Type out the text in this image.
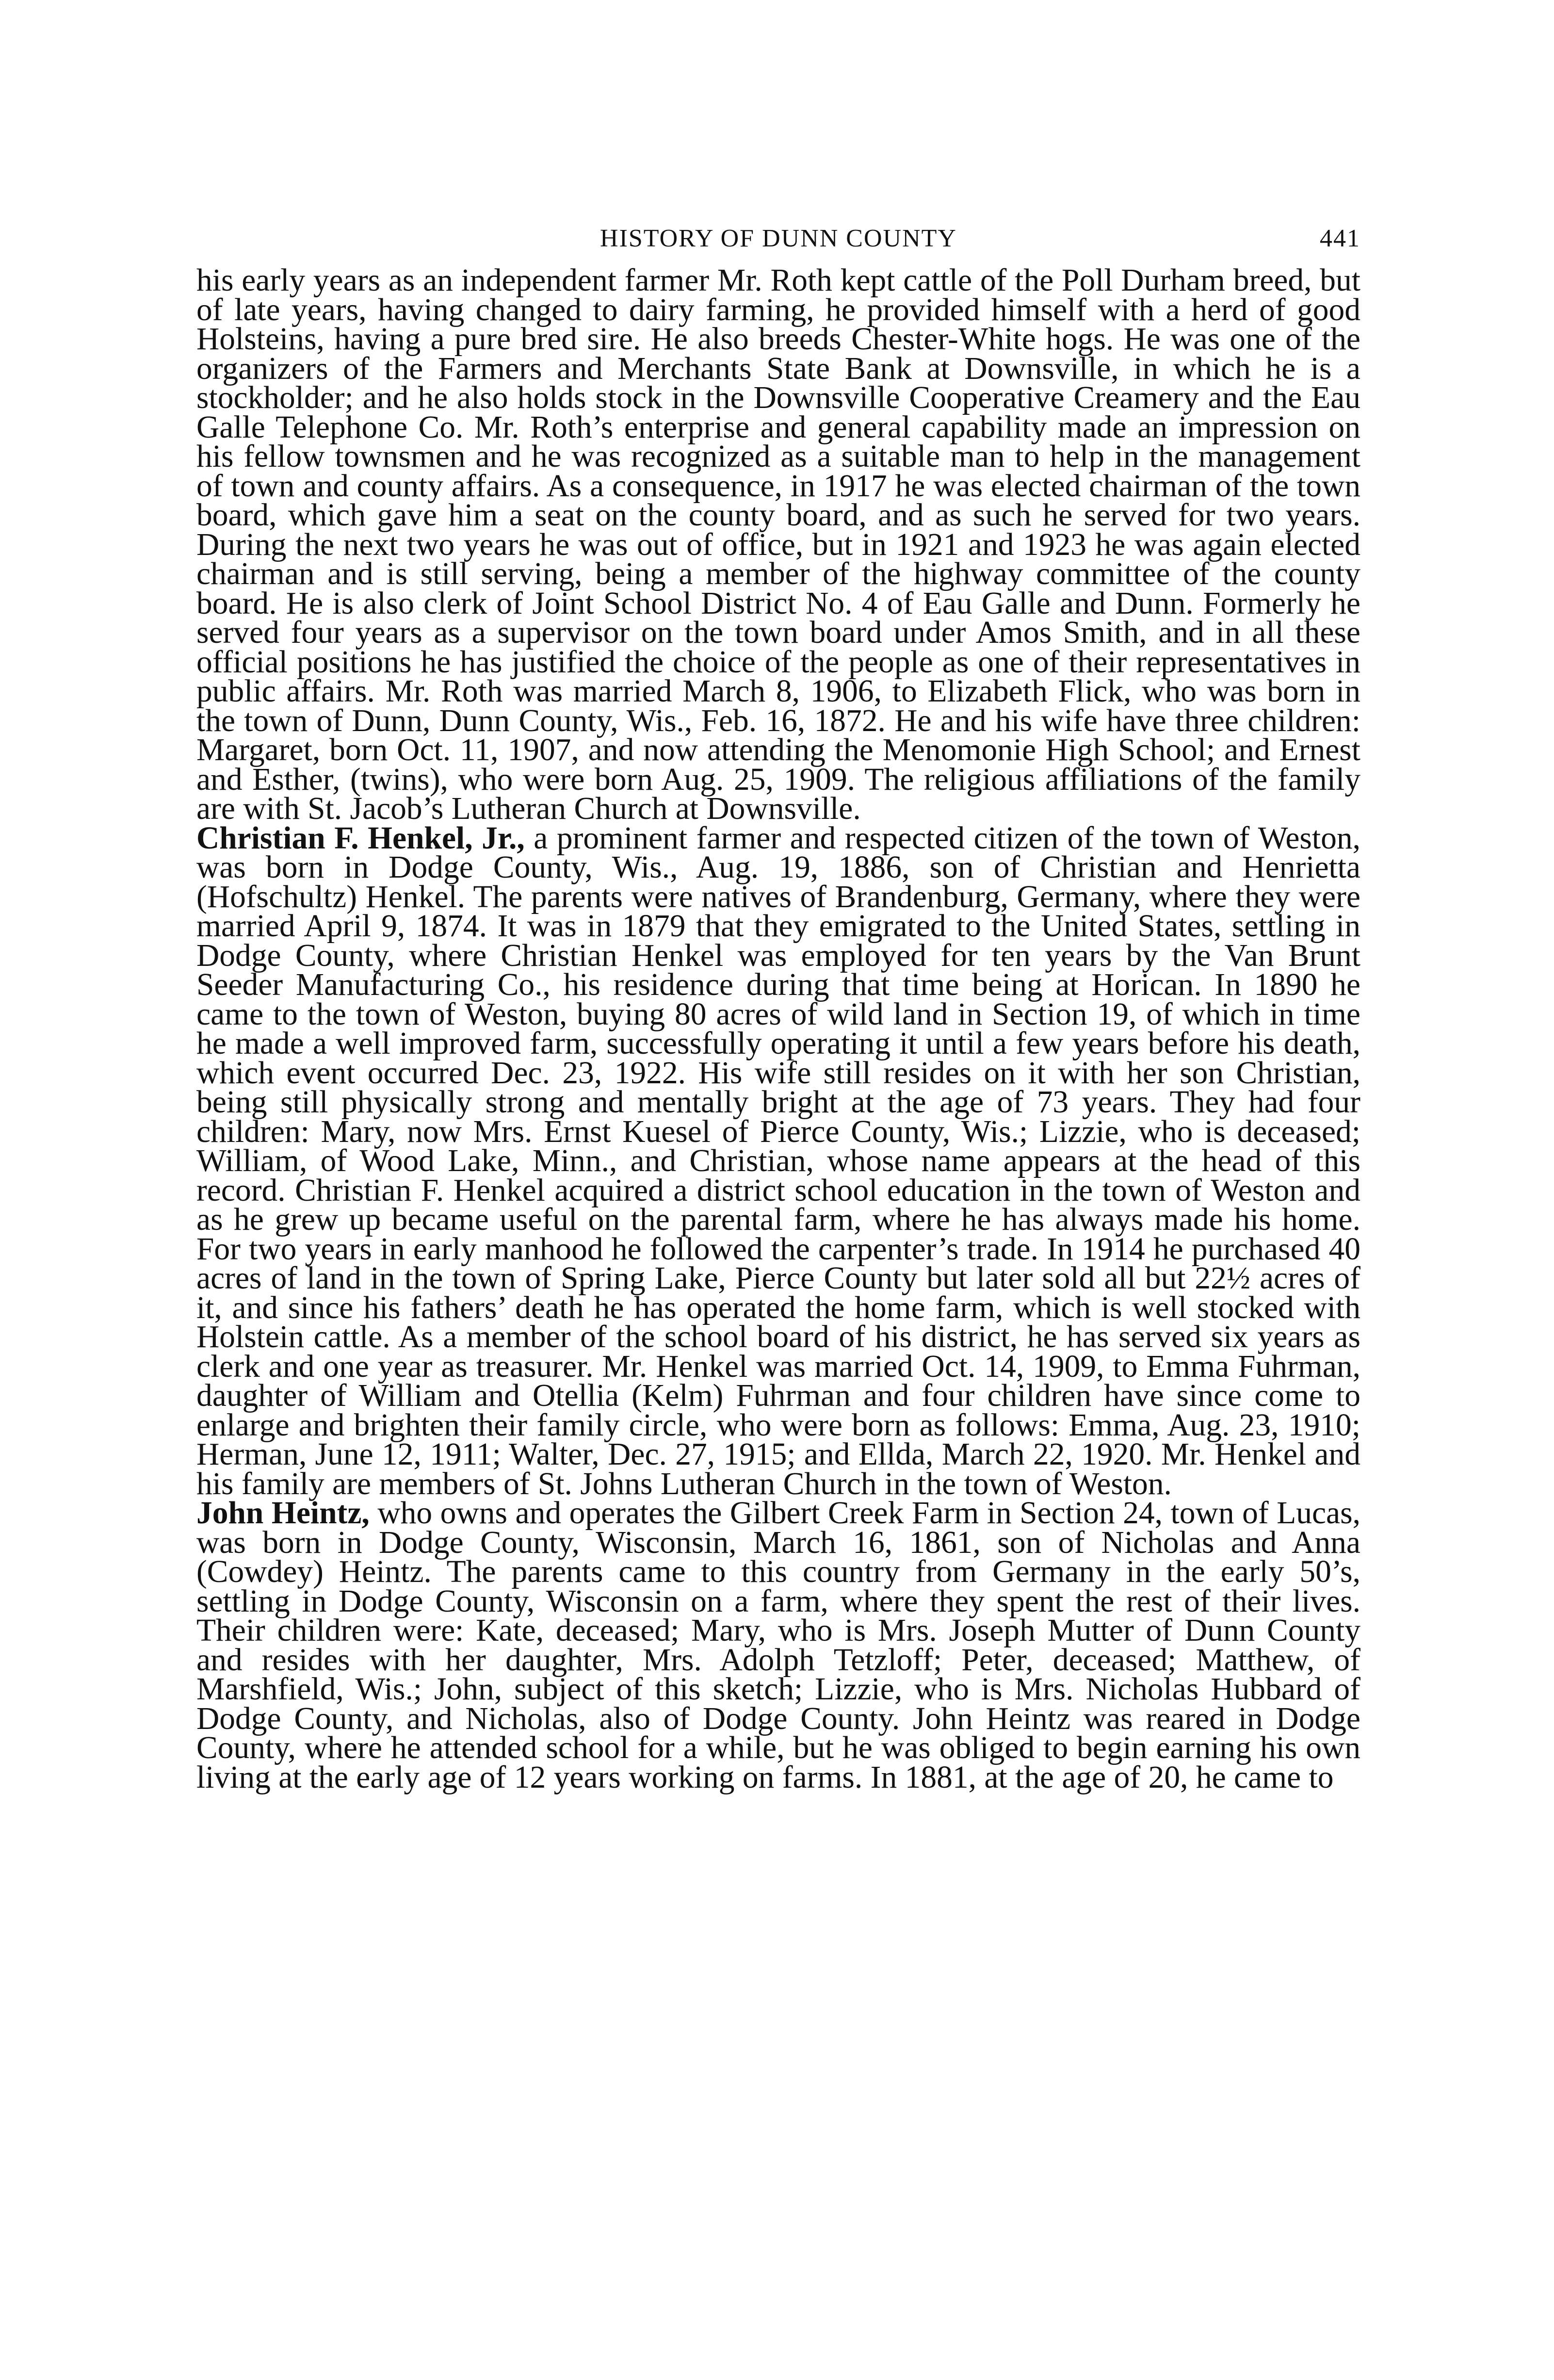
HISTORY OF DUNN COUNTY	441

his early years as an independent farmer Mr. Roth kept cattle of the Poll Durham breed, but of late years, having changed to dairy farming, he provided himself with a herd of good Holsteins, having a pure bred sire. He also breeds Chester-White hogs. He was one of the organizers of the Farmers and Merchants State Bank at Downsville, in which he is a stockholder; and he also holds stock in the Downsville Cooperative Creamery and the Eau Galle Telephone Co. Mr. Roth’s enterprise and general capability made an impression on his fellow townsmen and he was recognized as a suitable man to help in the management of town and county affairs. As a consequence, in 1917 he was elected chairman of the town board, which gave him a seat on the county board, and as such he served for two years. During the next two years he was out of office, but in 1921 and 1923 he was again elected chairman and is still serving, being a member of the highway committee of the county board. He is also clerk of Joint School District No. 4 of Eau Galle and Dunn. Formerly he served four years as a supervisor on the town board under Amos Smith, and in all these official positions he has justified the choice of the people as one of their representatives in public affairs. Mr. Roth was married March 8, 1906, to Elizabeth Flick, who was born in the town of Dunn, Dunn County, Wis., Feb. 16, 1872. He and his wife have three children: Margaret, born Oct. 11, 1907, and now attending the Menomonie High School; and Ernest and Esther, (twins), who were born Aug. 25, 1909. The religious affiliations of the family are with St. Jacob’s Lutheran Church at Downsville.

Christian F. Henkel, Jr., a prominent farmer and respected citizen of the town of Weston, was born in Dodge County, Wis., Aug. 19, 1886, son of Christian and Henrietta (Hofschultz) Henkel. The parents were natives of Brandenburg, Germany, where they were married April 9, 1874. It was in 1879 that they emigrated to the United States, settling in Dodge County, where Christian Henkel was employed for ten years by the Van Brunt Seeder Manufacturing Co., his residence during that time being at Horican. In 1890 he came to the town of Weston, buying 80 acres of wild land in Section 19, of which in time he made a well improved farm, successfully operating it until a few years before his death, which event occurred Dec. 23, 1922. His wife still resides on it with her son Christian, being still physically strong and mentally bright at the age of 73 years. They had four children: Mary, now Mrs. Ernst Kuesel of Pierce County, Wis.; Lizzie, who is deceased; William, of Wood Lake, Minn., and Christian, whose name appears at the head of this record. Christian F. Henkel acquired a district school education in the town of Weston and as he grew up became useful on the parental farm, where he has always made his home. For two years in early manhood he followed the carpenter’s trade. In 1914 he purchased 40 acres of land in the town of Spring Lake, Pierce County but later sold all but 22½ acres of it, and since his fathers’ death he has operated the home farm, which is well stocked with Holstein cattle. As a member of the school board of his district, he has served six years as clerk and one year as treasurer. Mr. Henkel was married Oct. 14, 1909, to Emma Fuhrman, daughter of William and Otellia (Kelm) Fuhrman and four children have since come to enlarge and brighten their family circle, who were born as follows: Emma, Aug. 23, 1910; Herman, June 12, 1911; Walter, Dec. 27, 1915; and Ellda, March 22, 1920. Mr. Henkel and his family are members of St. Johns Lutheran Church in the town of Weston.

John Heintz, who owns and operates the Gilbert Creek Farm in Section 24, town of Lucas, was born in Dodge County, Wisconsin, March 16, 1861, son of Nicholas and Anna (Cowdey) Heintz. The parents came to this country from Germany in the early 50’s, settling in Dodge County, Wisconsin on a farm, where they spent the rest of their lives. Their children were: Kate, deceased; Mary, who is Mrs. Joseph Mutter of Dunn County and resides with her daughter, Mrs. Adolph Tetzloff; Peter, deceased; Matthew, of Marshfield, Wis.; John, subject of this sketch; Lizzie, who is Mrs. Nicholas Hubbard of Dodge County, and Nicholas, also of Dodge County. John Heintz was reared in Dodge County, where he attended school for a while, but he was obliged to begin earning his own living at the early age of 12 years working on farms. In 1881, at the age of 20, he came to
